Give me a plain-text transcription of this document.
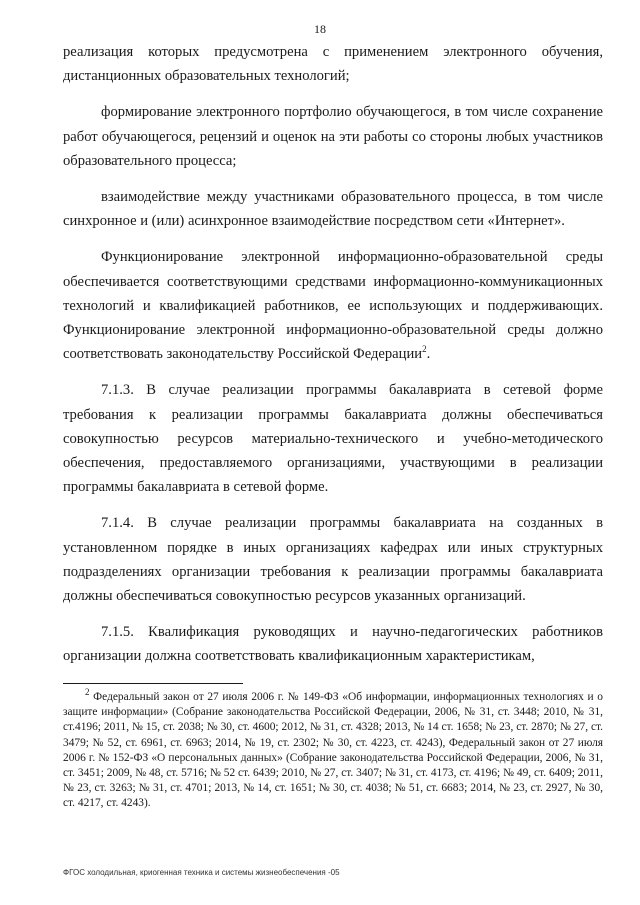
18

реализация которых предусмотрена с применением электронного обучения, дистанционных образовательных технологий;

формирование электронного портфолио обучающегося, в том числе сохранение работ обучающегося, рецензий и оценок на эти работы со стороны любых участников образовательного процесса;

взаимодействие между участниками образовательного процесса, в том числе синхронное и (или) асинхронное взаимодействие посредством сети «Интернет».

Функционирование электронной информационно-образовательной среды обеспечивается соответствующими средствами информационно-коммуникационных технологий и квалификацией работников, ее использующих и поддерживающих. Функционирование электронной информационно-образовательной среды должно соответствовать законодательству Российской Федерации$^2$.

7.1.3. В случае реализации программы бакалавриата в сетевой форме требования к реализации программы бакалавриата должны обеспечиваться совокупностью ресурсов материально-технического и учебно-методического обеспечения, предоставляемого организациями, участвующими в реализации программы бакалавриата в сетевой форме.

7.1.4. В случае реализации программы бакалавриата на созданных в установленном порядке в иных организациях кафедрах или иных структурных подразделениях организации требования к реализации программы бакалавриата должны обеспечиваться совокупностью ресурсов указанных организаций.

7.1.5. Квалификация руководящих и научно-педагогических работников организации должна соответствовать квалификационным характеристикам,

$^2$ Федеральный закон от 27 июля 2006 г. № 149-ФЗ «Об информации, информационных технологиях и о защите информации» (Собрание законодательства Российской Федерации, 2006, № 31, ст. 3448; 2010, № 31, ст.4196; 2011, № 15, ст. 2038; № 30, ст. 4600; 2012, № 31, ст. 4328; 2013, № 14 ст. 1658; № 23, ст. 2870; № 27, ст. 3479; № 52, ст. 6961, ст. 6963; 2014, № 19, ст. 2302; № 30, ст. 4223, ст. 4243), Федеральный закон от 27 июля 2006 г. № 152-ФЗ «О персональных данных» (Собрание законодательства Российской Федерации, 2006, № 31, ст. 3451; 2009, № 48, ст. 5716; № 52 ст. 6439; 2010, № 27, ст. 3407; № 31, ст. 4173, ст. 4196; № 49, ст. 6409; 2011, № 23, ст. 3263; № 31, ст. 4701; 2013, № 14, ст. 1651; № 30, ст. 4038; № 51, ст. 6683; 2014, № 23, ст. 2927, № 30, ст. 4217, ст. 4243).

ФГОС холодильная, криогенная техника и системы жизнеобеспечения -05
